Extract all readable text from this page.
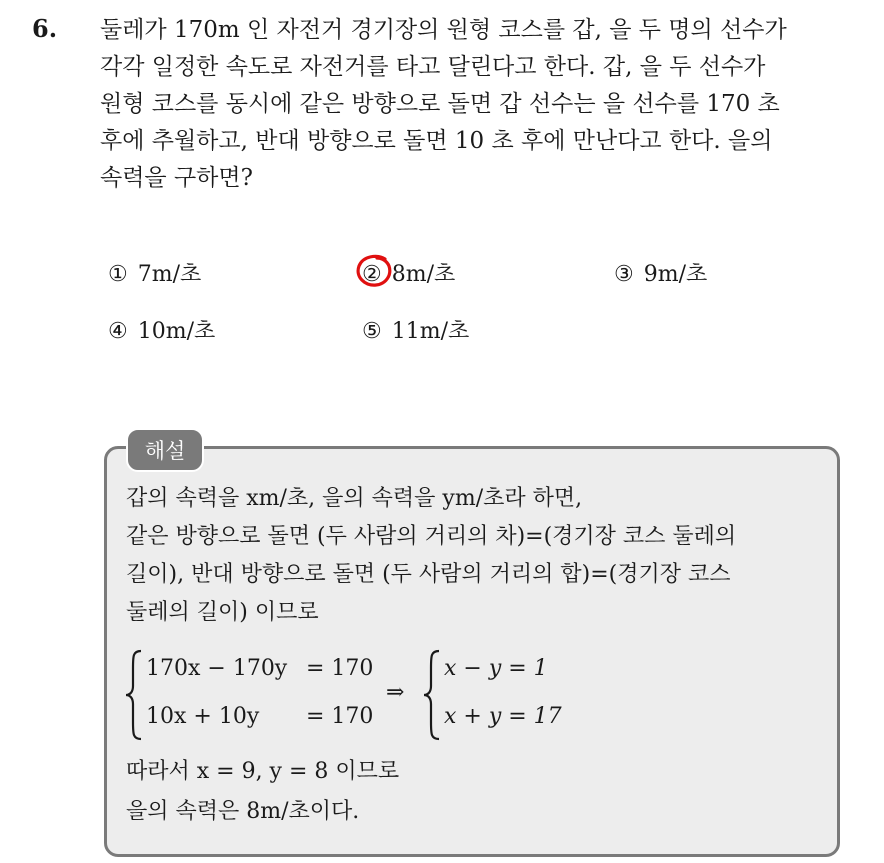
6. 둘레가 170m 인 자전거 경기장의 원형 코스를 갑, 을 두 명의 선수가
각각 일정한 속도로 자전거를 타고 달린다고 한다. 갑, 을 두 선수가
원형 코스를 동시에 같은 방향으로 돌면 갑 선수는 을 선수를 170 초
후에 추월하고, 반대 방향으로 돌면 10 초 후에 만난다고 한다. 을의
속력을 구하면?
① 7m/초	② 8m/초	③ 9m/초
④ 10m/초	⑤ 11m/초
해설
갑의 속력을 xm/초, 을의 속력을 ym/초라 하면,
같은 방향으로 돌면 (두 사람의 거리의 차)=(경기장 코스 둘레의
길이), 반대 방향으로 돌면 (두 사람의 거리의 합)=(경기장 코스
둘레의 길이) 이므로
170x − 170y = 170
10x + 10y = 170
⇒
x − y = 1
x + y = 17
따라서 x = 9, y = 8 이므로
을의 속력은 8m/초이다.
